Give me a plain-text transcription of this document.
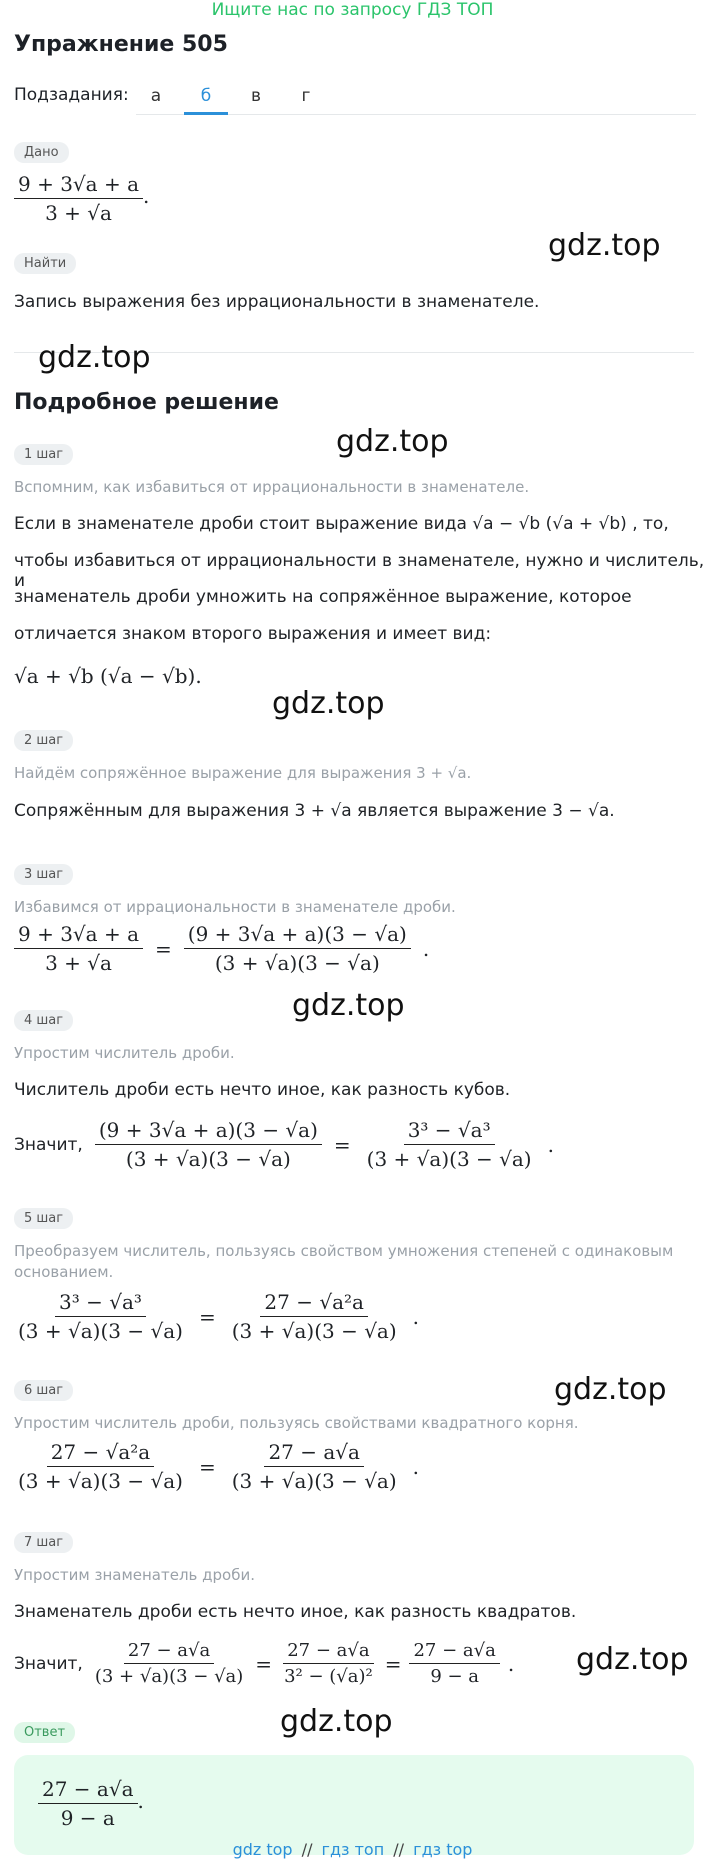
Ищите нас по запросу ГДЗ ТОП
Упражнение 505
Подзадания:	а	б	в	г
Дано
$\frac{9 + 3√a + a}{3 + √a}$ .
Найти
Запись выражения без иррациональности в знаменателе.
Подробное решение
1 шаг
Вспомним, как избавиться от иррациональности в знаменателе.
Если в знаменателе дроби стоит выражение вида √a − √b (√a + √b) , то,
чтобы избавиться от иррациональности в знаменателе, нужно и числитель, и
знаменатель дроби умножить на сопряжённое выражение, которое
отличается знаком второго выражения и имеет вид:
√a + √b (√a − √b).
2 шаг
Найдём сопряжённое выражение для выражения 3 + √a.
Сопряжённым для выражения 3 + √a является выражение 3 − √a.
3 шаг
Избавимся от иррациональности в знаменателе дроби.
$\frac{9 + 3√a + a}{3 + √a} = \frac{(9 + 3√a + a)(3 - √a)}{(3 + √a)(3 - √a)}$ .
4 шаг
Упростим числитель дроби.
Числитель дроби есть нечто иное, как разность кубов.
Значит, $\frac{(9 + 3√a + a)(3 - √a)}{(3 + √a)(3 - √a)} = \frac{\text{3³ − √a³}}{(3 + √a)(3 - √a)}$ .
5 шаг
Преобразуем числитель, пользуясь свойством умножения степеней с одинаковым
основанием.
$\frac{\text{3³ − √a³}}{(3 + √a)(3 - √a)} = \frac{\text{27 − √a²a}}{(3 + √a)(3 - √a)}$ .
6 шаг
Упростим числитель дроби, пользуясь свойствами квадратного корня.
$\frac{\text{27 − √a²a}}{(3 + √a)(3 - √a)} = \frac{27 - a√a}{(3 + √a)(3 - √a)}$ .
7 шаг
Упростим знаменатель дроби.
Знаменатель дроби есть нечто иное, как разность квадратов.
Значит, $\frac{27 - a√a}{(3 + √a)(3 - √a)} = \frac{27 - a√a}{\text{3² − (√a)²}} = \frac{27 - a√a}{9 - a}$ .
Ответ
$\frac{27 - a√a}{9 - a}$ .
gdz.top
gdz.top
gdz.top
gdz.top
gdz.top
gdz.top
gdz.top
gdz.top
gdz top // гдз топ // гдз top
